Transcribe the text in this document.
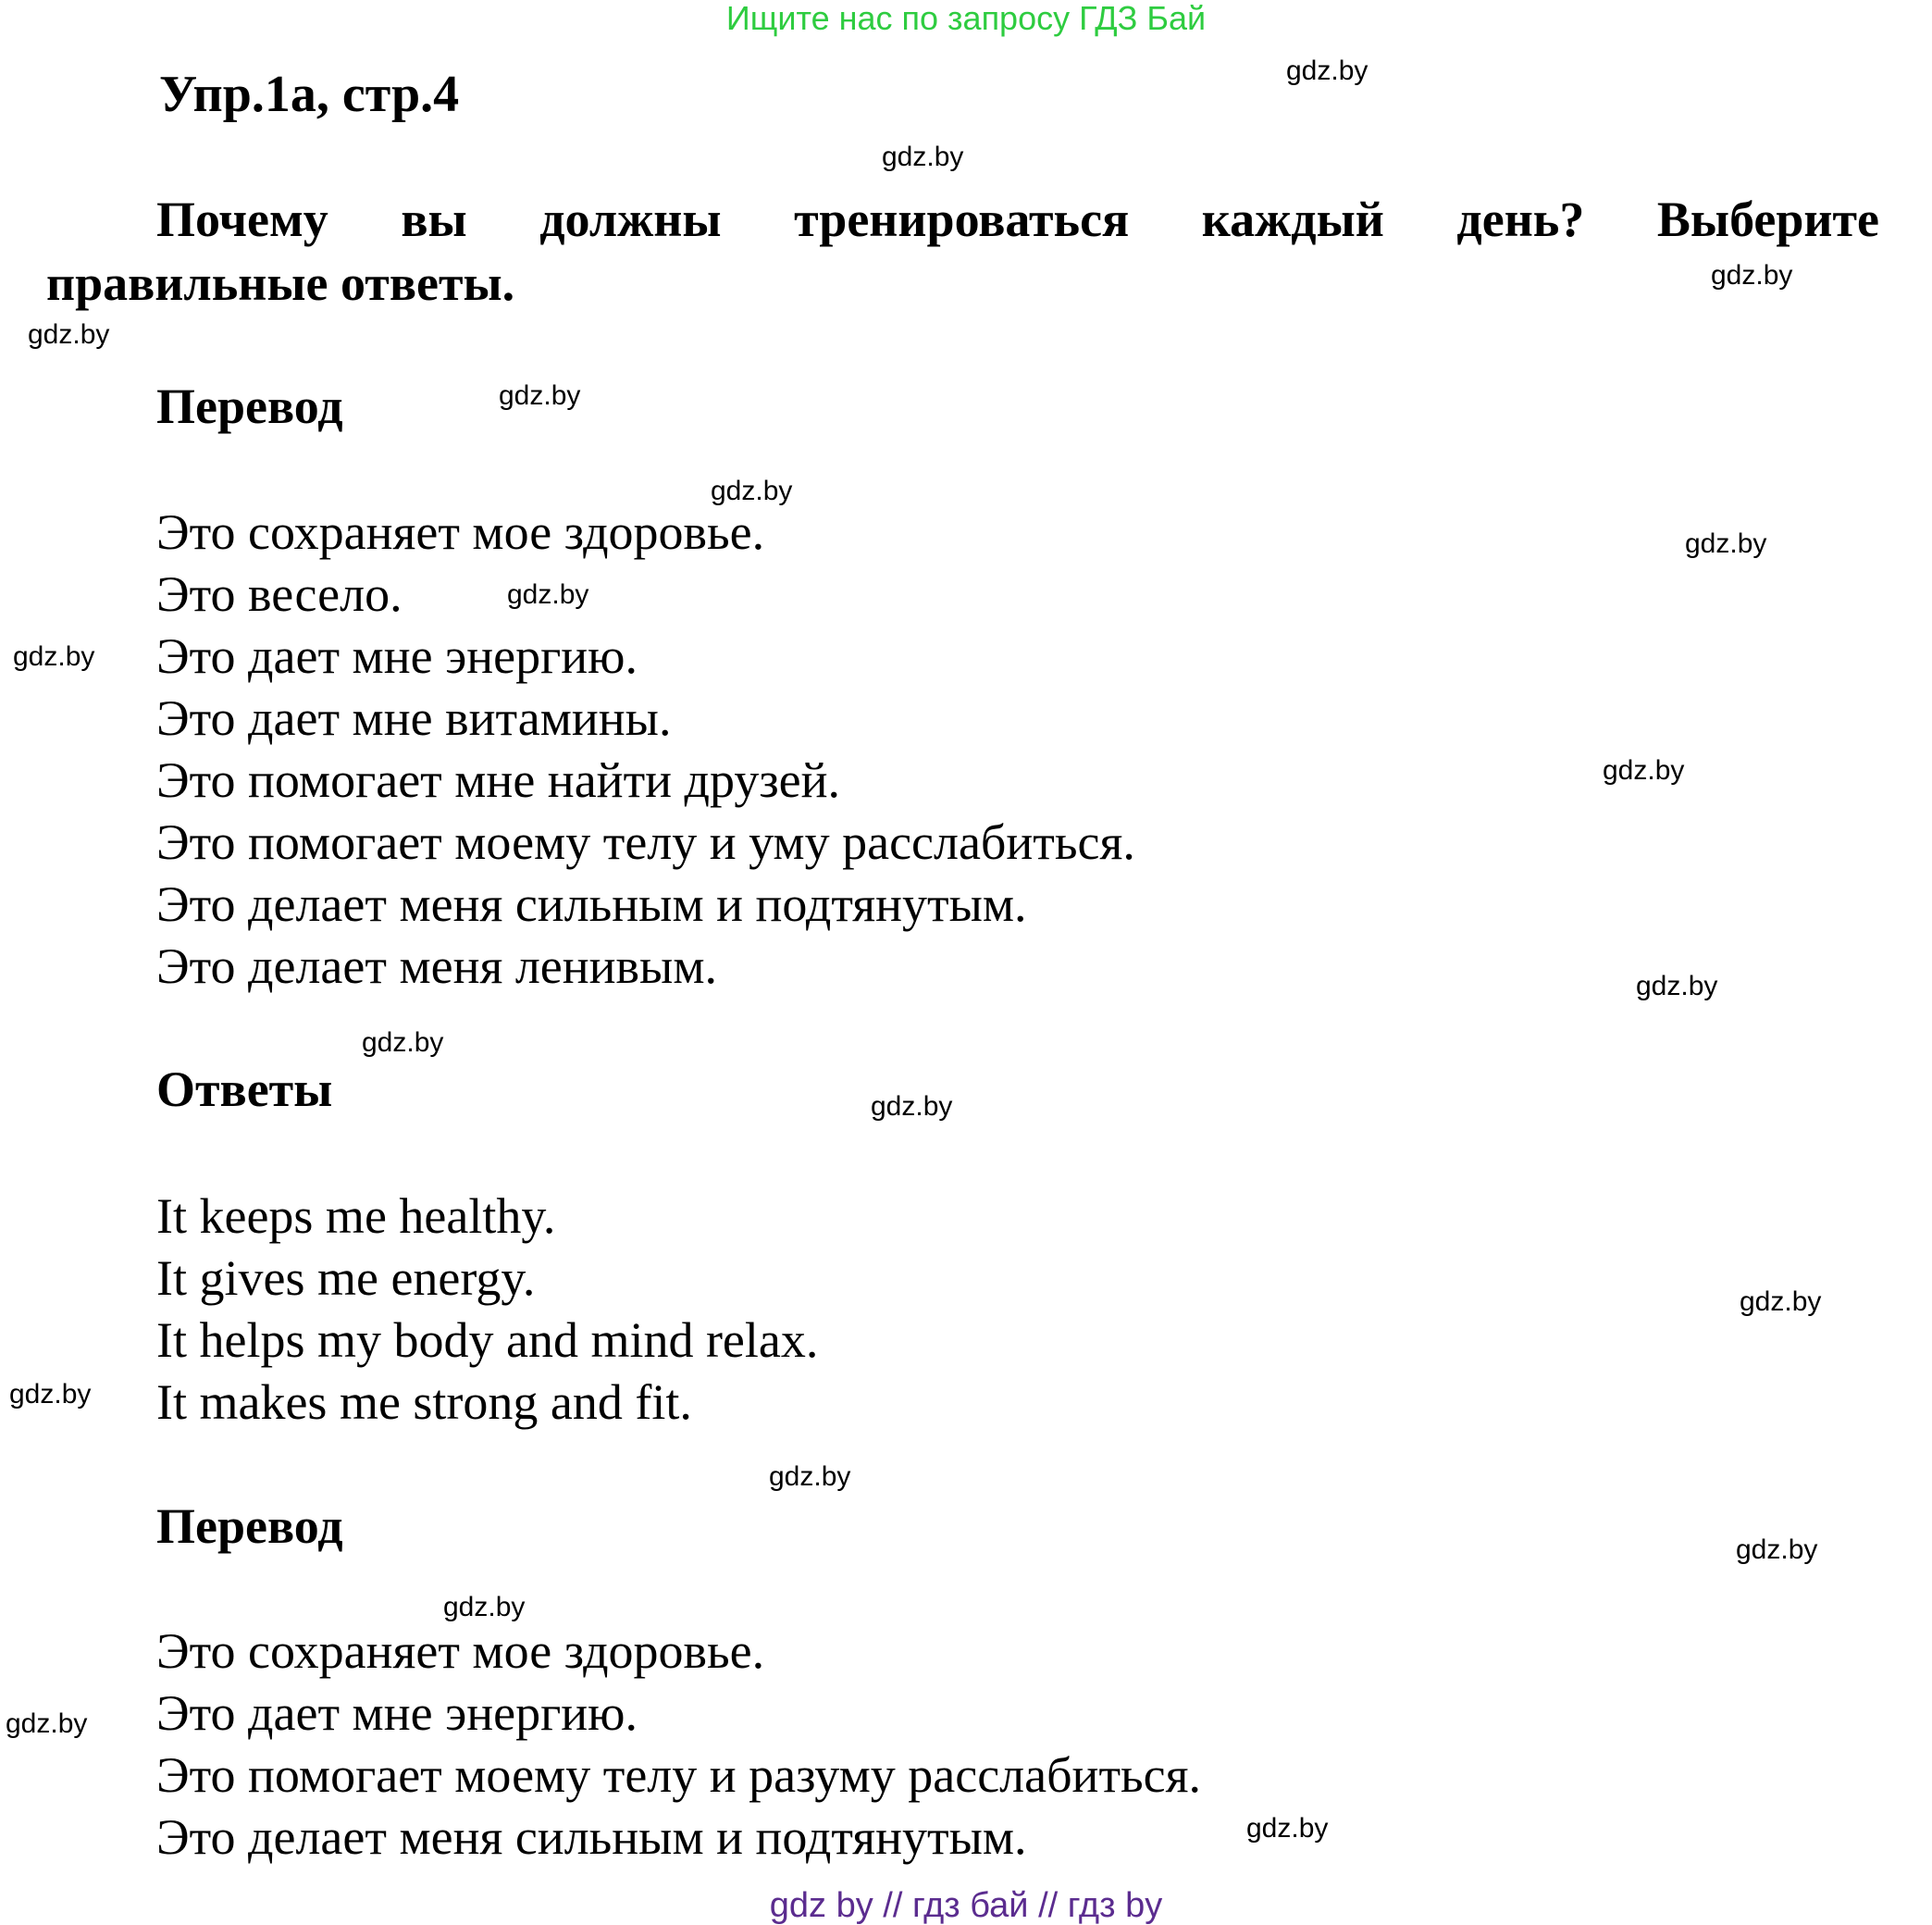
Ищите нас по запросу ГДЗ Бай
Упр.1а, стр.4
Почему вы должны тренироваться каждый день? Выберите
правильные ответы.
Перевод
Это сохраняет мое здоровье.
Это весело.
Это дает мне энергию.
Это дает мне витамины.
Это помогает мне найти друзей.
Это помогает моему телу и уму расслабиться.
Это делает меня сильным и подтянутым.
Это делает меня ленивым.
Ответы
It keeps me healthy.
It gives me energy.
It helps my body and mind relax.
It makes me strong and fit.
Перевод
Это сохраняет мое здоровье.
Это дает мне энергию.
Это помогает моему телу и разуму расслабиться.
Это делает меня сильным и подтянутым.
gdz.by
gdz.by
gdz.by
gdz.by
gdz.by
gdz.by
gdz.by
gdz.by
gdz.by
gdz.by
gdz.by
gdz.by
gdz.by
gdz.by
gdz.by
gdz.by
gdz.by
gdz.by
gdz.by
gdz.by
gdz by // гдз бай // гдз by
